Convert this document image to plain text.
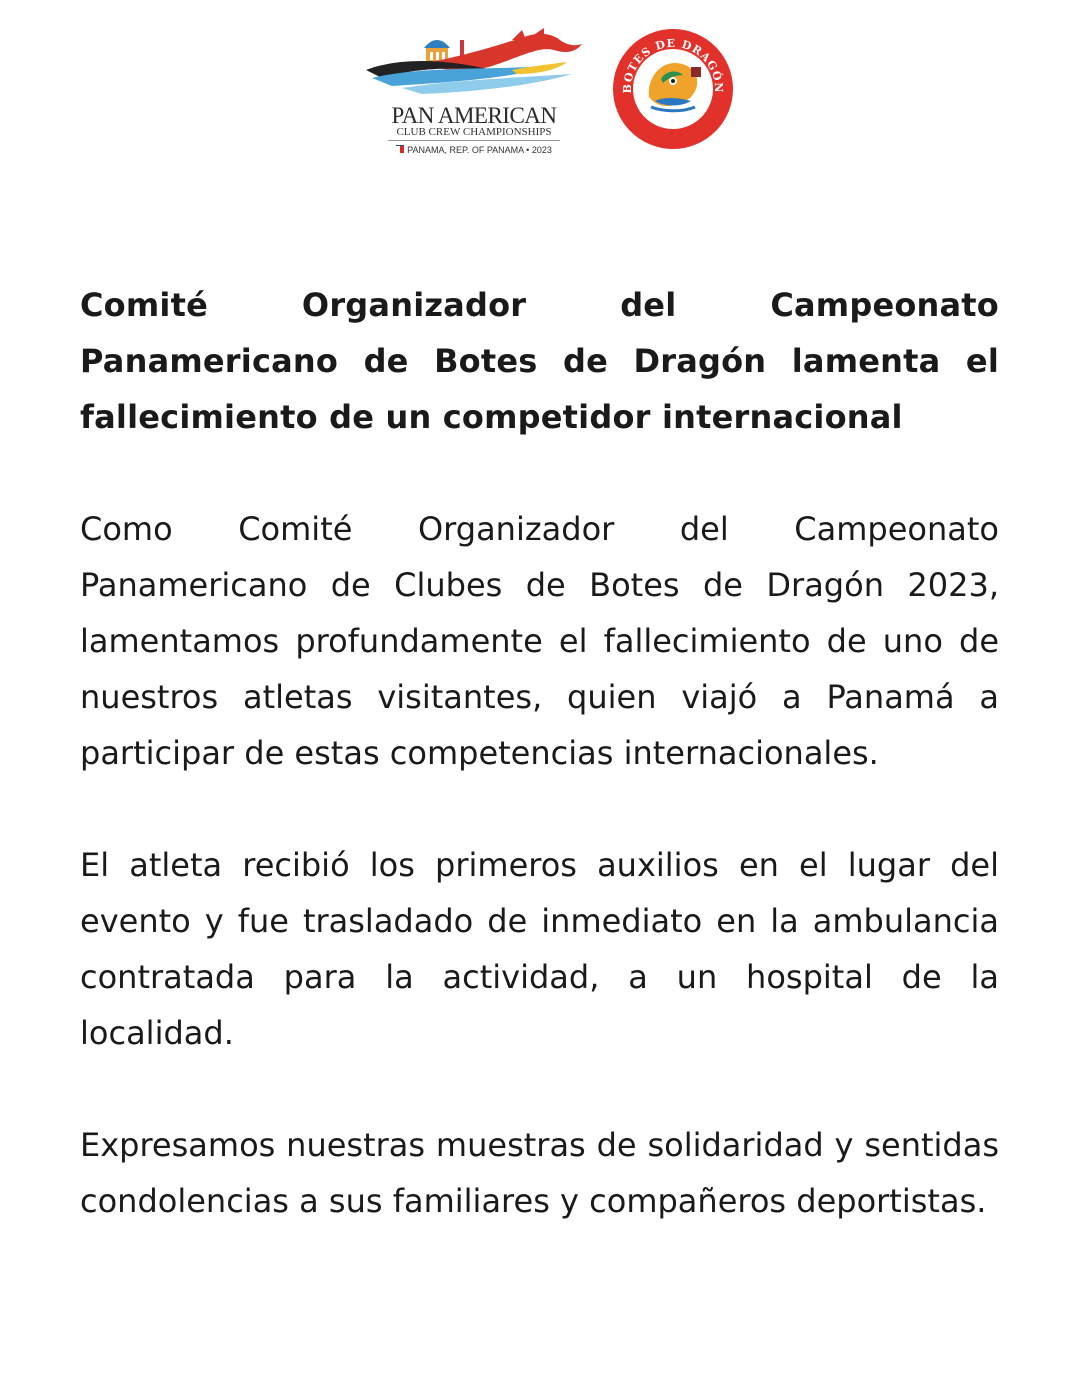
PAN AMERICAN
CLUB CREW CHAMPIONSHIPS
PANAMA, REP. OF PANAMA • 2023
BOTES DE DRAGÓN
PANAMÁ
Comité Organizador del Campeonato Panamericano de Botes de Dragón lamenta el fallecimiento de un competidor internacional

Como Comité Organizador del Campeonato Panamericano de Clubes de Botes de Dragón 2023, lamentamos profundamente el fallecimiento de uno de nuestros atletas visitantes, quien viajó a Panamá a participar de estas competencias internacionales.

El atleta recibió los primeros auxilios en el lugar del evento y fue trasladado de inmediato en la ambulancia contratada para la actividad, a un hospital de la localidad.

Expresamos nuestras muestras de solidaridad y sentidas condolencias a sus familiares y compañeros deportistas.
